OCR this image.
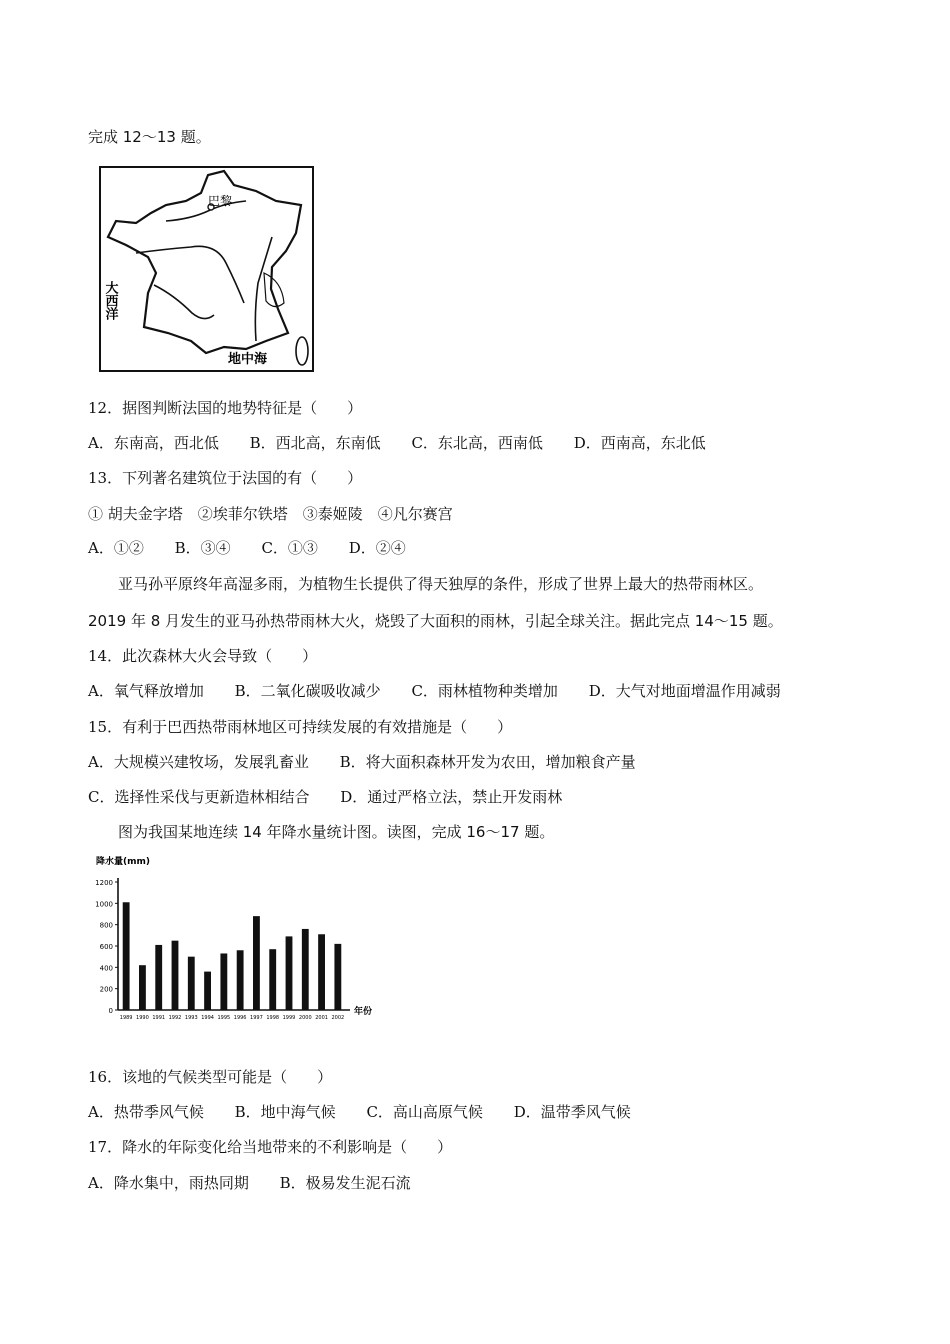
完成 12～13 题。
巴黎
大西洋
地中海
12．据图判断法国的地势特征是（　　）
A．东南高，西北低 B．西北高，东南低 C．东北高，西南低 D．西南高，东北低
13．下列著名建筑位于法国的有（　　）
① 胡夫金字塔　②埃菲尔铁塔　③泰姬陵　④凡尔赛宫
A．①② B．③④ C．①③ D．②④
亚马孙平原终年高湿多雨，为植物生长提供了得天独厚的条件，形成了世界上最大的热带雨林区。
2019 年 8 月发生的亚马孙热带雨林大火，烧毁了大面积的雨林，引起全球关注。据此完点 14～15 题。
14．此次森林大火会导致（　　）
A．氧气释放增加 B．二氧化碳吸收减少 C．雨林植物种类增加 D．大气对地面增温作用减弱
15．有利于巴西热带雨林地区可持续发展的有效措施是（　　）
A．大规模兴建牧场，发展乳畜业 B．将大面积森林开发为农田，增加粮食产量
C．选择性采伐与更新造林相结合 D．通过严格立法，禁止开发雨林
图为我国某地连续 14 年降水量统计图。读图，完成 16～17 题。
降水量(mm)
年份
0
200
400
600
800
1000
1200
1989 1990 1991 1992 1993 1994 1995 1996 1997 1998 1999 2000 2001 2002
16．该地的气候类型可能是（　　）
A．热带季风气候 B．地中海气候 C．高山高原气候 D．温带季风气候
17．降水的年际变化给当地带来的不利影响是（　　）
A．降水集中，雨热同期 B．极易发生泥石流
